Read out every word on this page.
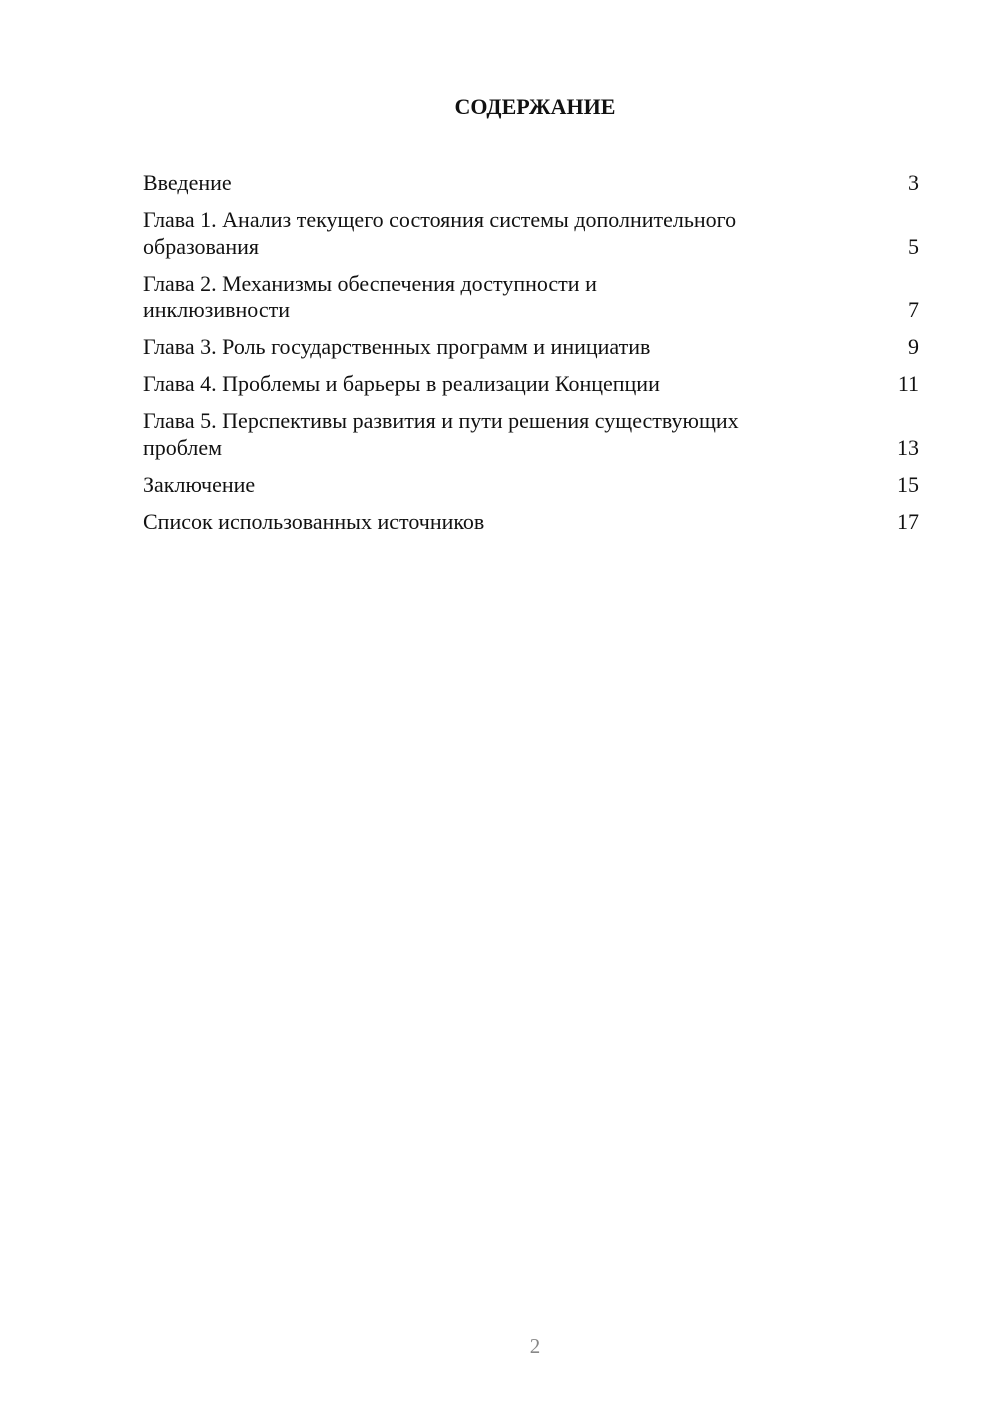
СОДЕРЖАНИЕ
Введение	3
Глава 1. Анализ текущего состояния системы дополнительного
образования	5
Глава 2. Механизмы обеспечения доступности и
инклюзивности	7
Глава 3. Роль государственных программ и инициатив	9
Глава 4. Проблемы и барьеры в реализации Концепции	11
Глава 5. Перспективы развития и пути решения существующих
проблем	13
Заключение	15
Список использованных источников	17
2
